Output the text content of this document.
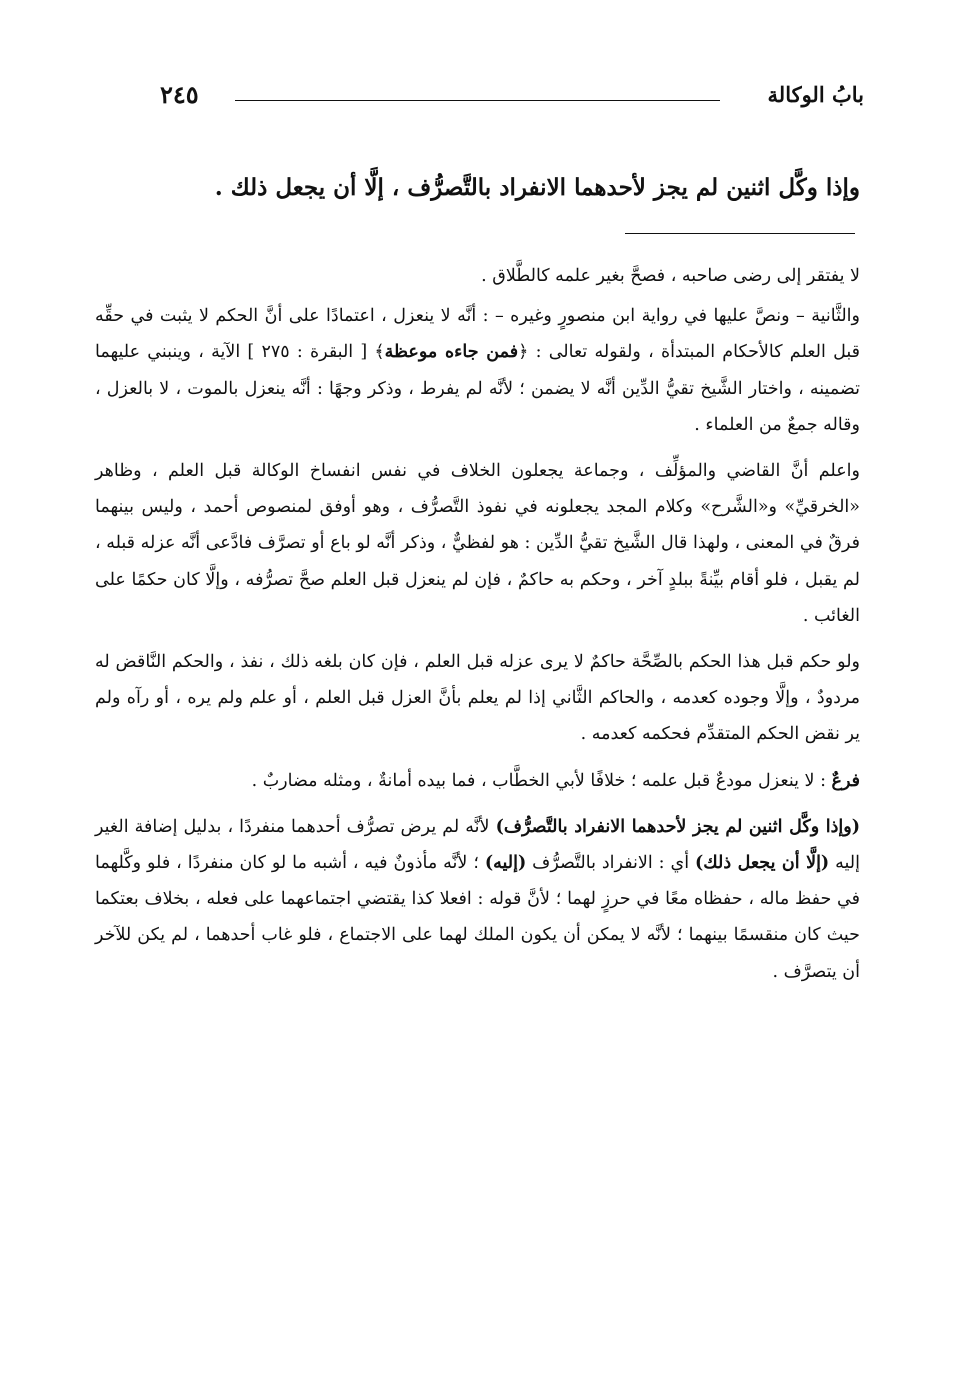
بابُ الوكالة
٢٤٥
وإذا وكَّل اثنين لم يجز لأحدهما الانفراد بالتَّصرُّف ، إلَّا أن يجعل ذلك .

لا يفتقر إلى رضى صاحبه ، فصحَّ بغير علمه كالطَّلاق .

والثَّانية – ونصَّ عليها في رواية ابن منصورٍ وغيره – : أنَّه لا ينعزل ، اعتمادًا على أنَّ الحكم لا يثبت في حقِّه قبل العلم كالأحكام المبتدأة ، ولقوله تعالى : ﴿فمن جاءه موعظة﴾ [ البقرة : ٢٧٥ ] الآية ، وينبني عليهما تضمينه ، واختار الشَّيخ تقيُّ الدِّين أنَّه لا يضمن ؛ لأنَّه لم يفرط ، وذكر وجهًا : أنَّه ينعزل بالموت ، لا بالعزل ، وقاله جمعٌ من العلماء .

واعلم أنَّ القاضي والمؤلِّف ، وجماعة يجعلون الخلاف في نفس انفساخ الوكالة قبل العلم ، وظاهر «الخرقيِّ» و«الشَّرح» وكلام المجد يجعلونه في نفوذ التَّصرُّف ، وهو أوفق لمنصوص أحمد ، وليس بينهما فرقٌ في المعنى ، ولهذا قال الشَّيخ تقيُّ الدِّين : هو لفظيٌّ ، وذكر أنَّه لو باع أو تصرَّف فادَّعى أنَّه عزله قبله ، لم يقبل ، فلو أقام بيِّنةً ببلدٍ آخر ، وحكم به حاكمٌ ، فإن لم ينعزل قبل العلم صحَّ تصرُّفه ، وإلَّا كان حكمًا على الغائب .

ولو حكم قبل هذا الحكم بالصِّحَّة حاكمٌ لا يرى عزله قبل العلم ، فإن كان بلغه ذلك ، نفذ ، والحكم النَّاقض له مردودٌ ، وإلَّا وجوده كعدمه ، والحاكم الثَّاني إذا لم يعلم بأنَّ العزل قبل العلم ، أو علم ولم يره ، أو رآه ولم ير نقض الحكم المتقدِّم فحكمه كعدمه .

فرعٌ : لا ينعزل مودعٌ قبل علمه ؛ خلافًا لأبي الخطَّاب ، فما بيده أمانةٌ ، ومثله مضاربٌ .

(وإذا وكَّل اثنين لم يجز لأحدهما الانفراد بالتَّصرُّف) لأنَّه لم يرض تصرُّف أحدهما منفردًا ، بدليل إضافة الغير إليه (إلَّا أن يجعل ذلك) أي : الانفراد بالتَّصرُّف (إليه) ؛ لأنَّه مأذونٌ فيه ، أشبه ما لو كان منفردًا ، فلو وكَّلهما في حفظ ماله ، حفظاه معًا في حرزٍ لهما ؛ لأنَّ قوله : افعلا كذا يقتضي اجتماعهما على فعله ، بخلاف بعتكما حيث كان منقسمًا بينهما ؛ لأنَّه لا يمكن أن يكون الملك لهما على الاجتماع ، فلو غاب أحدهما ، لم يكن للآخر أن يتصرَّف .
